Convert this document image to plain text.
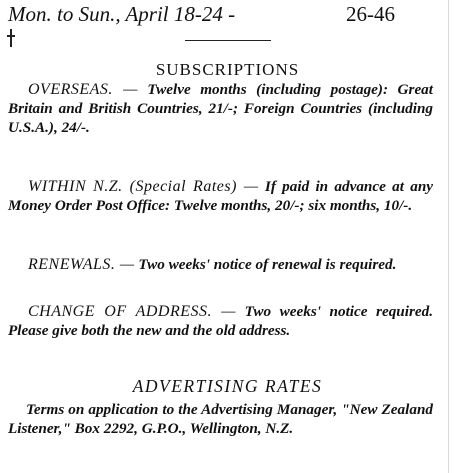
Mon. to Sun., April 18-24 -	26-46
SUBSCRIPTIONS
OVERSEAS. — Twelve months (including postage): Great Britain and British Countries, 21/-; Foreign Countries (including U.S.A.), 24/-.
WITHIN N.Z. (Special Rates) — If paid in advance at any Money Order Post Office: Twelve months, 20/-; six months, 10/-.
RENEWALS. — Two weeks' notice of renewal is required.
CHANGE OF ADDRESS. — Two weeks' notice required. Please give both the new and the old address.
ADVERTISING RATES
Terms on application to the Advertising Manager, "New Zealand Listener," Box 2292, G.P.O., Wellington, N.Z.
